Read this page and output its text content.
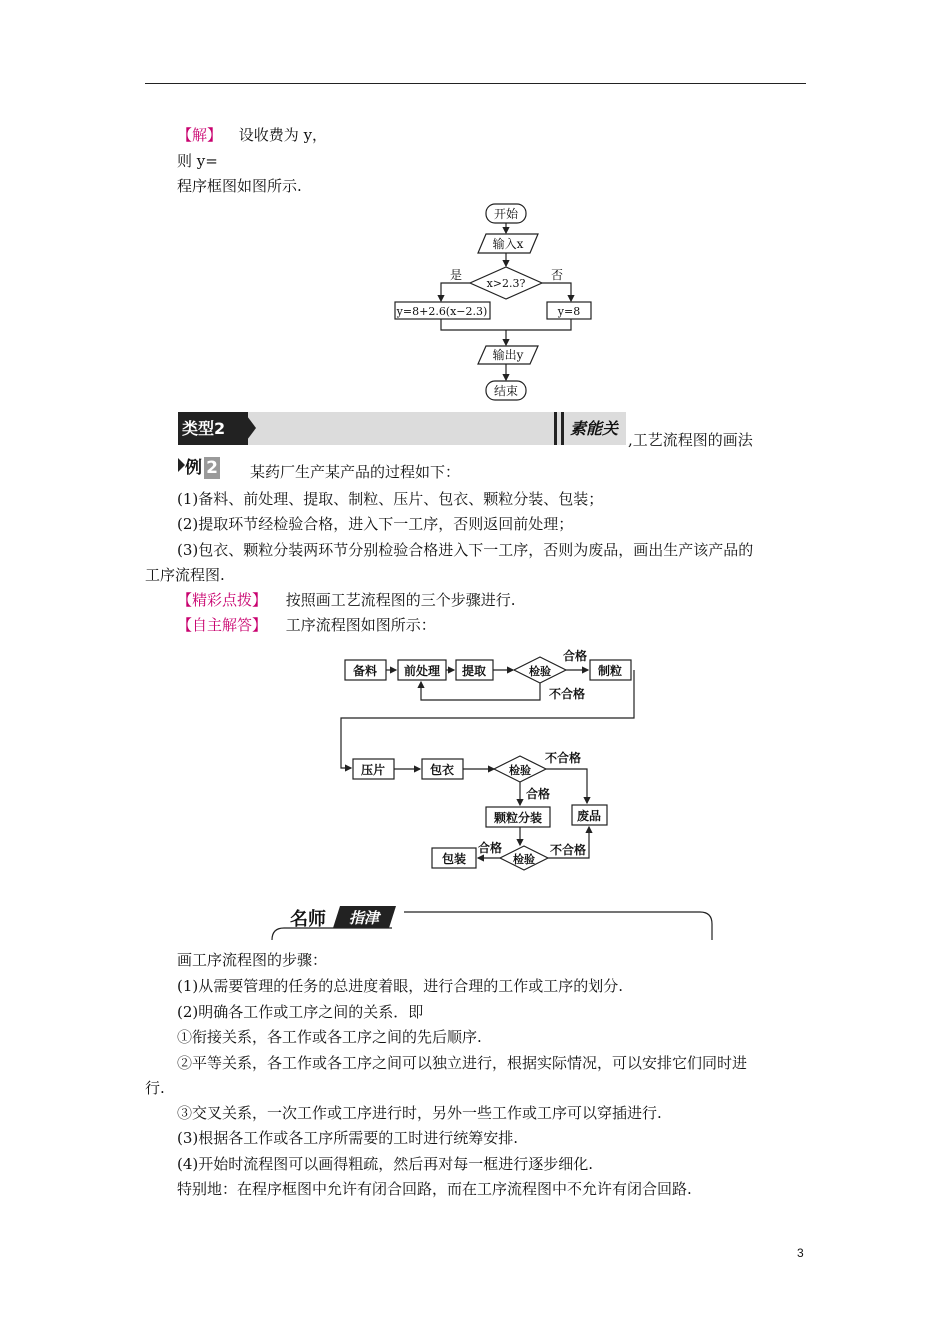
【解】 设收费为 y，
则 y=
程序框图如图所示.
开始
输入x
x>2.3?
是	否
y=8+2.6(x−2.3)	y=8
输出y
结束
类型2	素能关
,工艺流程图的画法
例 2	某药厂生产某产品的过程如下：
(1)备料、前处理、提取、制粒、压片、包衣、颗粒分装、包装；
(2)提取环节经检验合格，进入下一工序，否则返回前处理；
(3)包衣、颗粒分装两环节分别检验合格进入下一工序，否则为废品，画出生产该产品的
工序流程图.
【精彩点拨】 按照画工艺流程图的三个步骤进行.
【自主解答】 工序流程图如图所示：
备料 前处理 提取	检验
合格
制粒
不合格
压片	包衣	检验
不合格
合格
颗粒分装	废品
检验
不合格
合格
包装
名师 指津
画工序流程图的步骤：
(1)从需要管理的任务的总进度着眼，进行合理的工作或工序的划分.
(2)明确各工作或工序之间的关系．即
①衔接关系，各工作或各工序之间的先后顺序.
②平等关系，各工作或各工序之间可以独立进行，根据实际情况，可以安排它们同时进
行.
③交叉关系，一次工作或工序进行时，另外一些工作或工序可以穿插进行.
(3)根据各工作或各工序所需要的工时进行统筹安排.
(4)开始时流程图可以画得粗疏，然后再对每一框进行逐步细化.
特别地：在程序框图中允许有闭合回路，而在工序流程图中不允许有闭合回路.
3
